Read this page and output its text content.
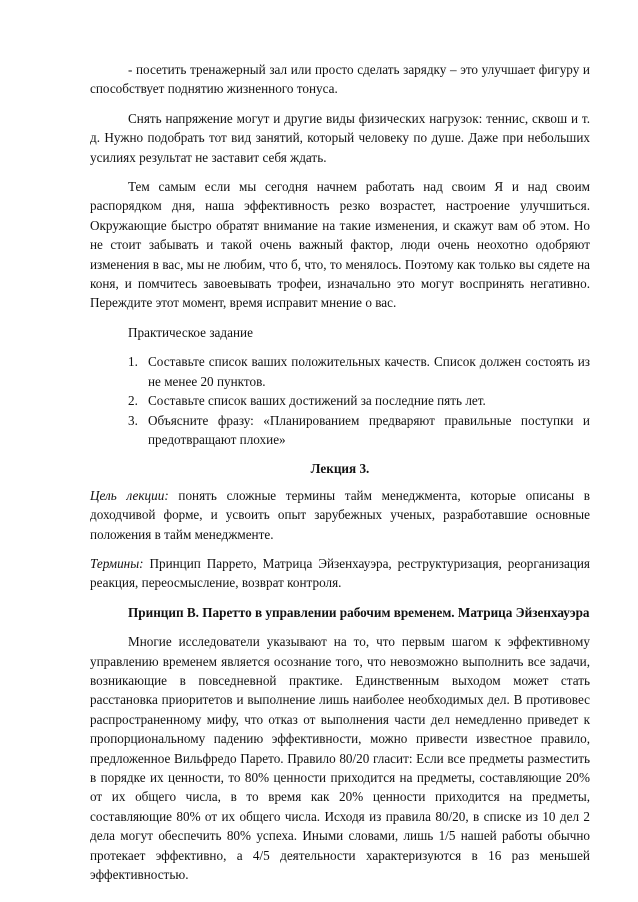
- посетить тренажерный зал или просто сделать зарядку – это улучшает фигуру и способствует поднятию жизненного тонуса.

Снять напряжение могут и другие виды физических нагрузок: теннис, сквош и т. д. Нужно подобрать тот вид занятий, который человеку по душе. Даже при небольших усилиях результат не заставит себя ждать.

Тем самым если мы сегодня начнем работать над своим Я и над своим распорядком дня, наша эффективность резко возрастет, настроение улучшиться. Окружающие быстро обратят внимание на такие изменения, и скажут вам об этом. Но не стоит забывать и такой очень важный фактор, люди очень неохотно одобряют изменения в вас, мы не любим, что б, что, то менялось. Поэтому как только вы сядете на коня, и помчитесь завоевывать трофеи, изначально это могут воспринять негативно. Переждите этот момент, время исправит мнение о вас.

Практическое задание

1. Составьте список ваших положительных качеств. Список должен состоять из не менее 20 пунктов.
2. Составьте список ваших достижений за последние пять лет.
3. Объясните фразу: «Планированием предваряют правильные поступки и предотвращают плохие»

Лекция 3.

Цель лекции: понять сложные термины тайм менеджмента, которые описаны в доходчивой форме, и усвоить опыт зарубежных ученых, разработавшие основные положения в тайм менеджменте.

Термины: Принцип Паррето, Матрица Эйзенхауэра, реструктуризация, реорганизация реакция, переосмысление, возврат контроля.

Принцип В. Паретто в управлении рабочим временем. Матрица Эйзенхауэра

Многие исследователи указывают на то, что первым шагом к эффективному управлению временем является осознание того, что невозможно выполнить все задачи, возникающие в повседневной практике. Единственным выходом может стать расстановка приоритетов и выполнение лишь наиболее необходимых дел. В противовес распространенному мифу, что отказ от выполнения части дел немедленно приведет к пропорциональному падению эффективности, можно привести известное правило, предложенное Вильфредо Парето. Правило 80/20 гласит: Если все предметы разместить в порядке их ценности, то 80% ценности приходится на предметы, составляющие 20% от их общего числа, в то время как 20% ценности приходится на предметы, составляющие 80% от их общего числа. Исходя из правила 80/20, в списке из 10 дел 2 дела могут обеспечить 80% успеха. Иными словами, лишь 1/5 нашей работы обычно протекает эффективно, а 4/5 деятельности характеризуются в 16 раз меньшей эффективностью.
